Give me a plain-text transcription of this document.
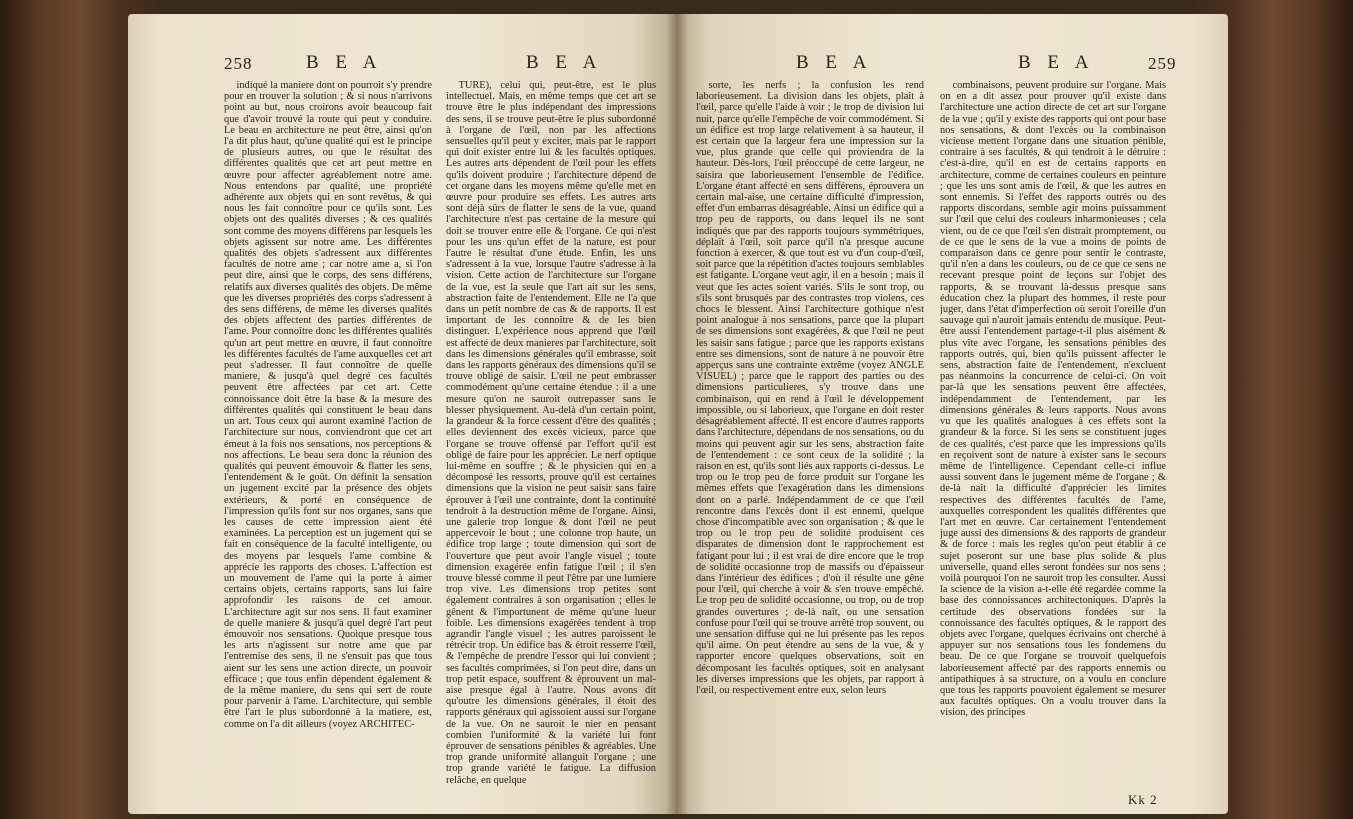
258	B E A	B E A

indiqué la maniere dont on pourroit s'y prendre pour en trouver la solution ; & si nous n'arrivons point au but, nous croirons avoir beaucoup fait que d'avoir trouvé la route qui peut y conduire. Le beau en architecture ne peut être, ainsi qu'on l'a dit plus haut, qu'une qualité qui est le principe de plusieurs autres, ou que le résultat des différentes qualités que cet art peut mettre en œuvre pour affecter agréablement notre ame. Nous entendons par qualité, une propriété adhérente aux objets qui en sont revêtus, & qui nous les fait connoître pour ce qu'ils sont. Les objets ont des qualités diverses ; & ces qualités sont comme des moyens différens par lesquels les objets agissent sur notre ame. Les différentes qualités des objets s'adressent aux différentes facultés de notre ame ; car notre ame a, si l'on peut dire, ainsi que le corps, des sens différens, relatifs aux diverses qualités des objets. De même que les diverses propriétés des corps s'adressent à des sens différens, de même les diverses qualités des objets affectent des parties différentes de l'ame. Pour connoître donc les différentes qualités qu'un art peut mettre en œuvre, il faut connoître les différentes facultés de l'ame auxquelles cet art peut s'adresser. Il faut connoître de quelle maniere, & jusqu'à quel degré ces facultés peuvent être affectées par cet art. Cette connoissance doit être la base & la mesure des différentes qualités qui constituent le beau dans un art. Tous ceux qui auront examiné l'action de l'architecture sur nous, conviendront que cet art émeut à la fois nos sensations, nos perceptions & nos affections. Le beau sera donc la réunion des qualités qui peuvent émouvoir & flatter les sens, l'entendement & le goût. On définit la sensation un jugement excité par la présence des objets extérieurs, & porté en conséquence de l'impression qu'ils font sur nos organes, sans que les causes de cette impression aient été examinées. La perception est un jugement qui se fait en conséquence de la faculté intelligente, ou des moyens par lesquels l'ame combine & apprécie les rapports des choses. L'affection est un mouvement de l'ame qui la porte à aimer certains objets, certains rapports, sans lui faire approfondir les raisons de cet amour. L'architecture agit sur nos sens. Il faut examiner de quelle maniere & jusqu'à quel degré l'art peut émouvoir nos sensations. Quoique presque tous les arts n'agissent sur notre ame que par l'entremise des sens, il ne s'ensuit pas que tous aient sur les sens une action directe, un pouvoir efficace ; que tous enfin dépendent également & de la même maniere, du sens qui sert de route pour parvenir à l'ame. L'architecture, qui semble être l'art le plus subordonné à la matiere, est, comme on l'a dit ailleurs (voyez ARCHITEC-

TURE), celui qui, peut-être, est le plus intellectuel. Mais, en même temps que cet art se trouve être le plus indépendant des impressions des sens, il se trouve peut-être le plus subordonné à l'organe de l'œil, non par les affections sensuelles qu'il peut y exciter, mais par le rapport qui doit exister entre lui & les facultés optiques. Les autres arts dépendent de l'œil pour les effets qu'ils doivent produire ; l'architecture dépend de cet organe dans les moyens même qu'elle met en œuvre pour produire ses effets. Les autres arts sont déjà sûrs de flatter le sens de la vue, quand l'architecture n'est pas certaine de la mesure qui doit se trouver entre elle & l'organe. Ce qui n'est pour les uns qu'un effet de la nature, est pour l'autre le résultat d'une étude. Enfin, les uns s'adressent à la vue, lorsque l'autre s'adresse à la vision. Cette action de l'architecture sur l'organe de la vue, est la seule que l'art ait sur les sens, abstraction faite de l'entendement. Elle ne l'a que dans un petit nombre de cas & de rapports. Il est important de les connoître & de les bien distinguer. L'expérience nous apprend que l'œil est affecté de deux manieres par l'architecture, soit dans les dimensions générales qu'il embrasse, soit dans les rapports généraux des dimensions qu'il se trouve obligé de saisir. L'œil ne peut embrasser commodément qu'une certaine étendue : il a une mesure qu'on ne sauroit outrepasser sans le blesser physiquement. Au-delà d'un certain point, la grandeur & la force cessent d'être des qualités ; elles deviennent des excès vicieux, parce que l'organe se trouve offensé par l'effort qu'il est obligé de faire pour les apprécier. Le nerf optique lui-même en souffre ; & le physicien qui en a décomposé les ressorts, prouve qu'il est certaines dimensions que la vision ne peut saisir sans faire éprouver à l'œil une contrainte, dont la continuité tendroit à la destruction même de l'organe. Ainsi, une galerie trop longue & dont l'œil ne peut appercevoir le bout ; une colonne trop haute, un édifice trop large ; toute dimension qui sort de l'ouverture que peut avoir l'angle visuel ; toute dimension exagérée enfin fatigue l'œil ; il s'en trouve blessé comme il peut l'être par une lumiere trop vive. Les dimensions trop petites sont également contraires à son organisation ; elles le gênent & l'importunent de même qu'une lueur foible. Les dimensions exagérées tendent à trop agrandir l'angle visuel ; les autres paroissent le rétrécir trop. Un édifice bas & étroit resserre l'œil, & l'empêche de prendre l'essor qui lui convient ; ses facultés comprimées, si l'on peut dire, dans un trop petit espace, souffrent & éprouvent un mal-aise presque égal à l'autre. Nous avons dit qu'outre les dimensions générales, il étoit des rapports généraux qui agissoient aussi sur l'organe de la vue. On ne sauroit le nier en pensant combien l'uniformité & la variété lui font éprouver de sensations pénibles & agréables. Une trop grande uniformité allanguit l'organe ; une trop grande variété le fatigue. La diffusion relâche, en quelque

B E A	B E A	259

sorte, les nerfs ; la confusion les rend laborieusement. La division dans les objets, plaît à l'œil, parce qu'elle l'aide à voir ; le trop de division lui nuit, parce qu'elle l'empêche de voir commodément. Si un édifice est trop large relativement à sa hauteur, il est certain que la largeur fera une impression sur la vue, plus grande que celle qui proviendra de la hauteur. Dès-lors, l'œil préoccupé de cette largeur, ne saisira que laborieusement l'ensemble de l'édifice. L'organe étant affecté en sens différens, éprouvera un certain mal-aise, une certaine difficulté d'impression, effet d'un embarras désagréable. Ainsi un édifice qui a trop peu de rapports, ou dans lequel ils ne sont indiqués que par des rapports toujours symmétriques, déplaît à l'œil, soit parce qu'il n'a presque aucune fonction à exercer, & que tout est vu d'un coup-d'œil, soit parce que la répétition d'actes toujours semblables est fatigante. L'organe veut agir, il en a besoin ; mais il veut que les actes soient variés. S'ils le sont trop, ou s'ils sont brusqués par des contrastes trop violens, ces chocs le blessent. Ainsi l'architecture gothique n'est point analogue à nos sensations, parce que la plupart de ses dimensions sont exagérées, & que l'œil ne peut les saisir sans fatigue ; parce que les rapports existans entre ses dimensions, sont de nature à ne pouvoir être apperçus sans une contrainte extrême (voyez ANGLE VISUEL) ; parce que le rapport des parties ou des dimensions particulieres, s'y trouve dans une combinaison, qui en rend à l'œil le développement impossible, ou si laborieux, que l'organe en doit rester désagréablement affecté. Il est encore d'autres rapports dans l'architecture, dépendans de nos sensations, ou du moins qui peuvent agir sur les sens, abstraction faite de l'entendement : ce sont ceux de la solidité ; la raison en est, qu'ils sont liés aux rapports ci-dessus. Le trop ou le trop peu de force produit sur l'organe les mêmes effets que l'exagération dans les dimensions dont on a parlé. Indépendamment de ce que l'œil rencontre dans l'excès dont il est ennemi, quelque chose d'incompatible avec son organisation ; & que le trop ou le trop peu de solidité produisent ces disparates de dimension dont le rapprochement est fatigant pour lui ; il est vrai de dire encore que le trop de solidité occasionne trop de massifs ou d'épaisseur dans l'intérieur des édifices ; d'où il résulte une gêne pour l'œil, qui cherche à voir & s'en trouve empêché. Le trop peu de solidité occasionne, ou trop, ou de trop grandes ouvertures ; de-là naît, ou une sensation confuse pour l'œil qui se trouve arrêté trop souvent, ou une sensation diffuse qui ne lui présente pas les repos qu'il aime. On peut étendre au sens de la vue, & y rapporter encore quelques observations, soit en décomposant les facultés optiques, soit en analysant les diverses impressions que les objets, par rapport à l'œil, ou respectivement entre eux, selon leurs

combinaisons, peuvent produire sur l'organe. Mais on en a dit assez pour prouver qu'il existe dans l'architecture une action directe de cet art sur l'organe de la vue ; qu'il y existe des rapports qui ont pour base nos sensations, & dont l'excès ou la combinaison vicieuse mettent l'organe dans une situation pénible, contraire à ses facultés, & qui tendroit à le détruire : c'est-à-dire, qu'il en est de certains rapports en architecture, comme de certaines couleurs en peinture ; que les uns sont amis de l'œil, & que les autres en sont ennemis. Si l'effet des rapports outrés ou des rapports discordans, semble agir moins puissamment sur l'œil que celui des couleurs inharmonieuses ; cela vient, ou de ce que l'œil s'en distrait promptement, ou de ce que le sens de la vue a moins de points de comparaison dans ce genre pour sentir le contraste, qu'il n'en a dans les couleurs, ou de ce que ce sens ne recevant presque point de leçons sur l'objet des rapports, & se trouvant là-dessus presque sans éducation chez la plupart des hommes, il reste pour juger, dans l'état d'imperfection où seroit l'oreille d'un sauvage qui n'auroit jamais entendu de musique. Peut-être aussi l'entendement partage-t-il plus aisément & plus vîte avec l'organe, les sensations pénibles des rapports outrés, qui, bien qu'ils puissent affecter le sens, abstraction faite de l'entendement, n'excluent pas néanmoins la concurrence de celui-ci. On voit par-là que les sensations peuvent être affectées, indépendamment de l'entendement, par les dimensions générales & leurs rapports. Nous avons vu que les qualités analogues à ces effets sont la grandeur & la force. Si les sens se constituent juges de ces qualités, c'est parce que les impressions qu'ils en reçoivent sont de nature à exister sans le secours même de l'intelligence. Cependant celle-ci influe aussi souvent dans le jugement même de l'organe ; & de-là naît la difficulté d'apprécier les limites respectives des différentes facultés de l'ame, auxquelles correspondent les qualités différentes que l'art met en œuvre. Car certainement l'entendement juge aussi des dimensions & des rapports de grandeur & de force : mais les regles qu'on peut établir à ce sujet poseront sur une base plus solide & plus universelle, quand elles seront fondées sur nos sens ; voilà pourquoi l'on ne sauroit trop les consulter. Aussi la science de la vision a-t-elle été regardée comme la base des connoissances architectoniques. D'après la certitude des observations fondées sur la connoissance des facultés optiques, & le rapport des objets avec l'organe, quelques écrivains ont cherché à appuyer sur nos sensations tous les fondemens du beau. De ce que l'organe se trouvoit quelquefois laborieusement affecté par des rapports ennemis ou antipathiques à sa structure, on a voulu en conclure que tous les rapports pouvoient également se mesurer aux facultés optiques. On a voulu trouver dans la vision, des principes

Kk 2
